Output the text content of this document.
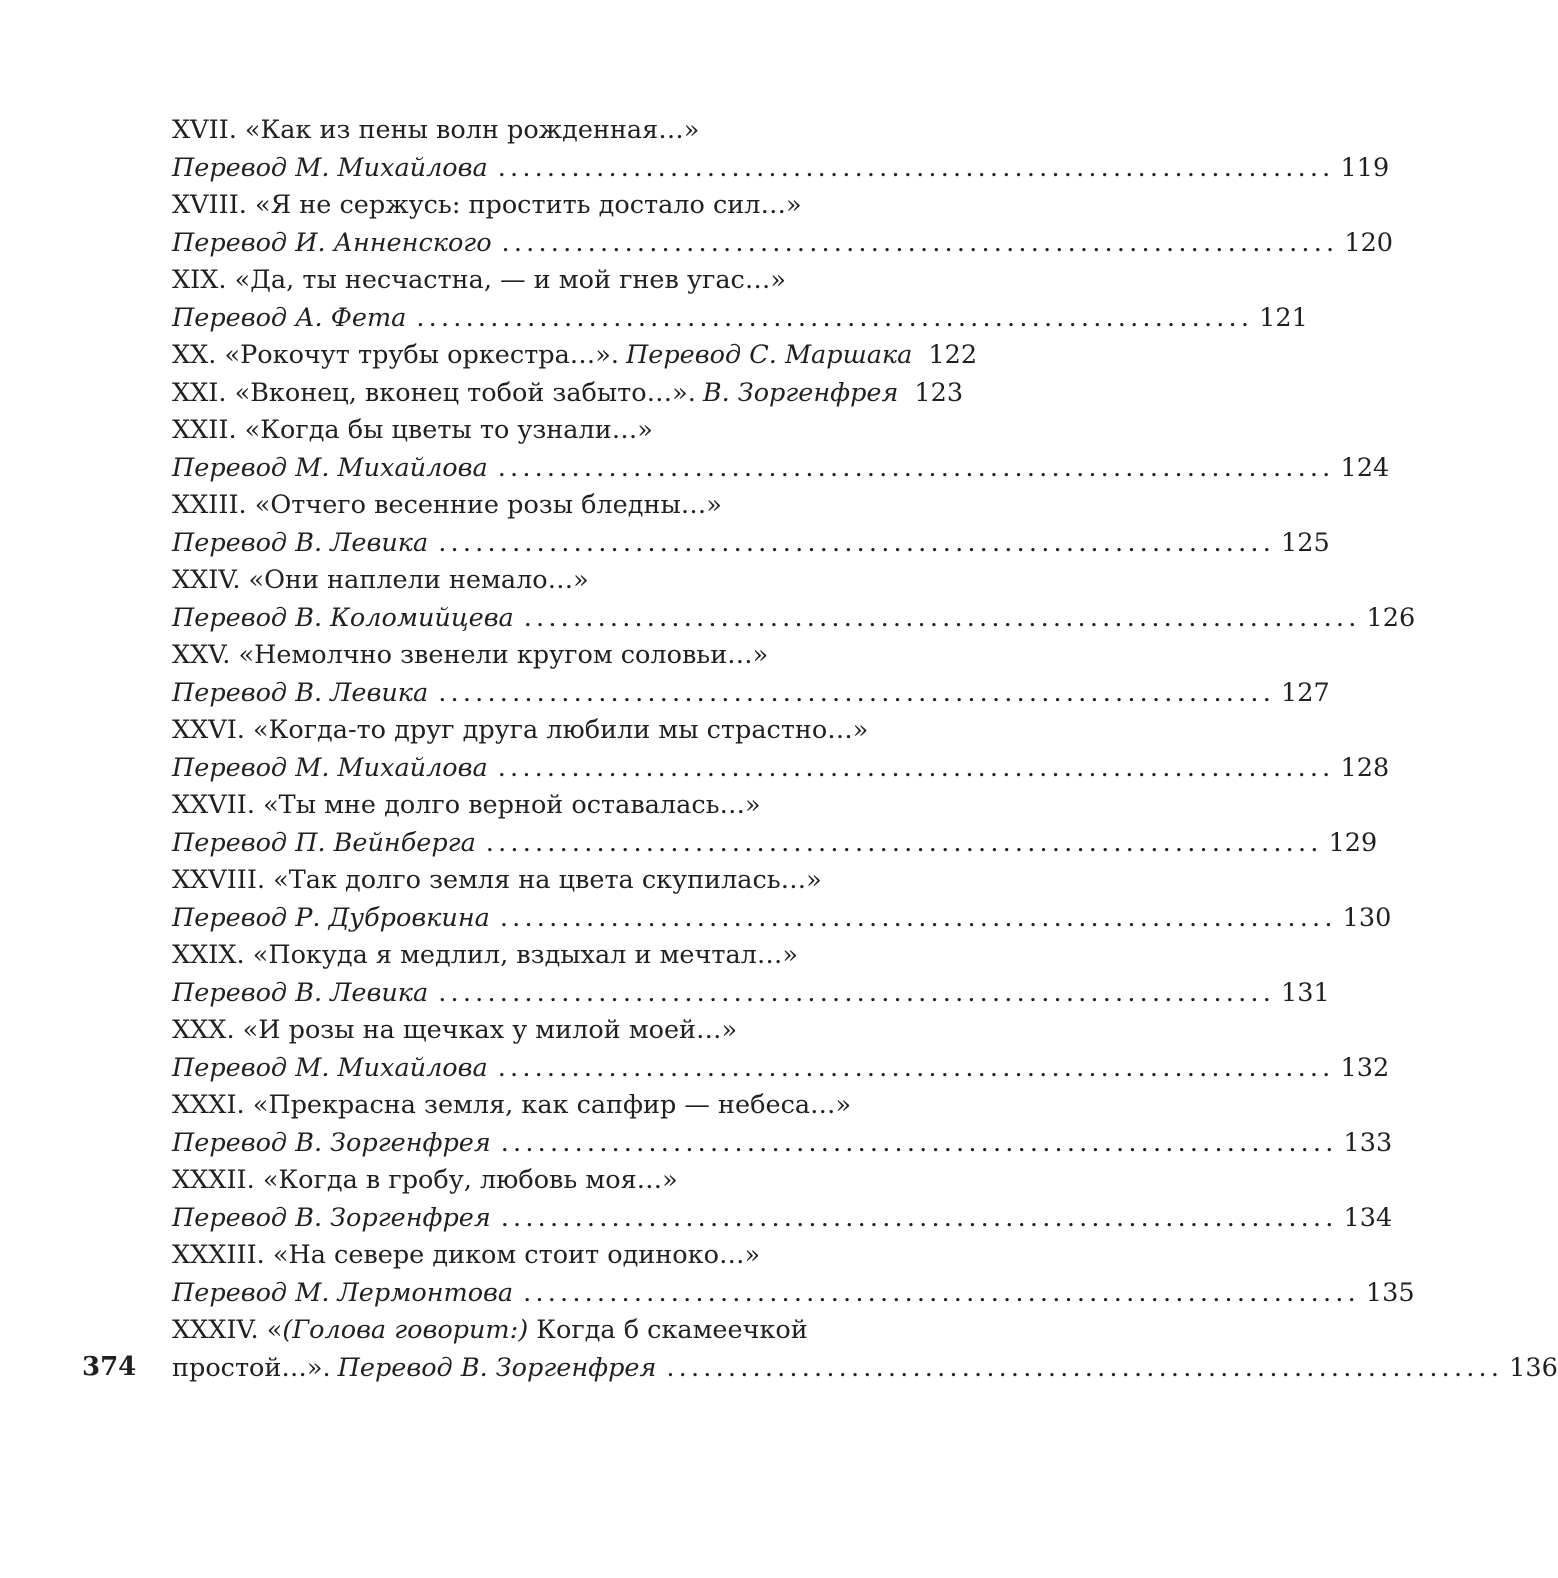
XVII. «Как из пены волн рожденная…»
Перевод М. Михайлова .................................................................... 119
XVIII. «Я не сержусь: простить достало сил…»
Перевод И. Анненского .................................................................... 120
XIX. «Да, ты несчастна, — и мой гнев угас…»
Перевод А. Фета .................................................................... 121
XX. «Рокочут трубы оркестра…». Перевод С. Маршака 122
XXI. «Вконец, вконец тобой забыто…». В. Зоргенфрея 123
XXII. «Когда бы цветы то узнали…»
Перевод М. Михайлова .................................................................... 124
XXIII. «Отчего весенние розы бледны…»
Перевод В. Левика .................................................................... 125
XXIV. «Они наплели немало…»
Перевод В. Коломийцева .................................................................... 126
XXV. «Немолчно звенели кругом соловьи…»
Перевод В. Левика .................................................................... 127
XXVI. «Когда-то друг друга любили мы страстно…»
Перевод М. Михайлова .................................................................... 128
XXVII. «Ты мне долго верной оставалась…»
Перевод П. Вейнберга .................................................................... 129
XXVIII. «Так долго земля на цвета скупилась…»
Перевод Р. Дубровкина .................................................................... 130
XXIX. «Покуда я медлил, вздыхал и мечтал…»
Перевод В. Левика .................................................................... 131
XXX. «И розы на щечках у милой моей…»
Перевод М. Михайлова .................................................................... 132
XXXI. «Прекрасна земля, как сапфир — небеса…»
Перевод В. Зоргенфрея .................................................................... 133
XXXII. «Когда в гробу, любовь моя…»
Перевод В. Зоргенфрея .................................................................... 134
XXXIII. «На севере диком стоит одиноко…»
Перевод М. Лермонтова .................................................................... 135
XXXIV. «(Голова говорит:) Когда б скамеечкой
простой…». Перевод В. Зоргенфрея .................................................................... 136
374
